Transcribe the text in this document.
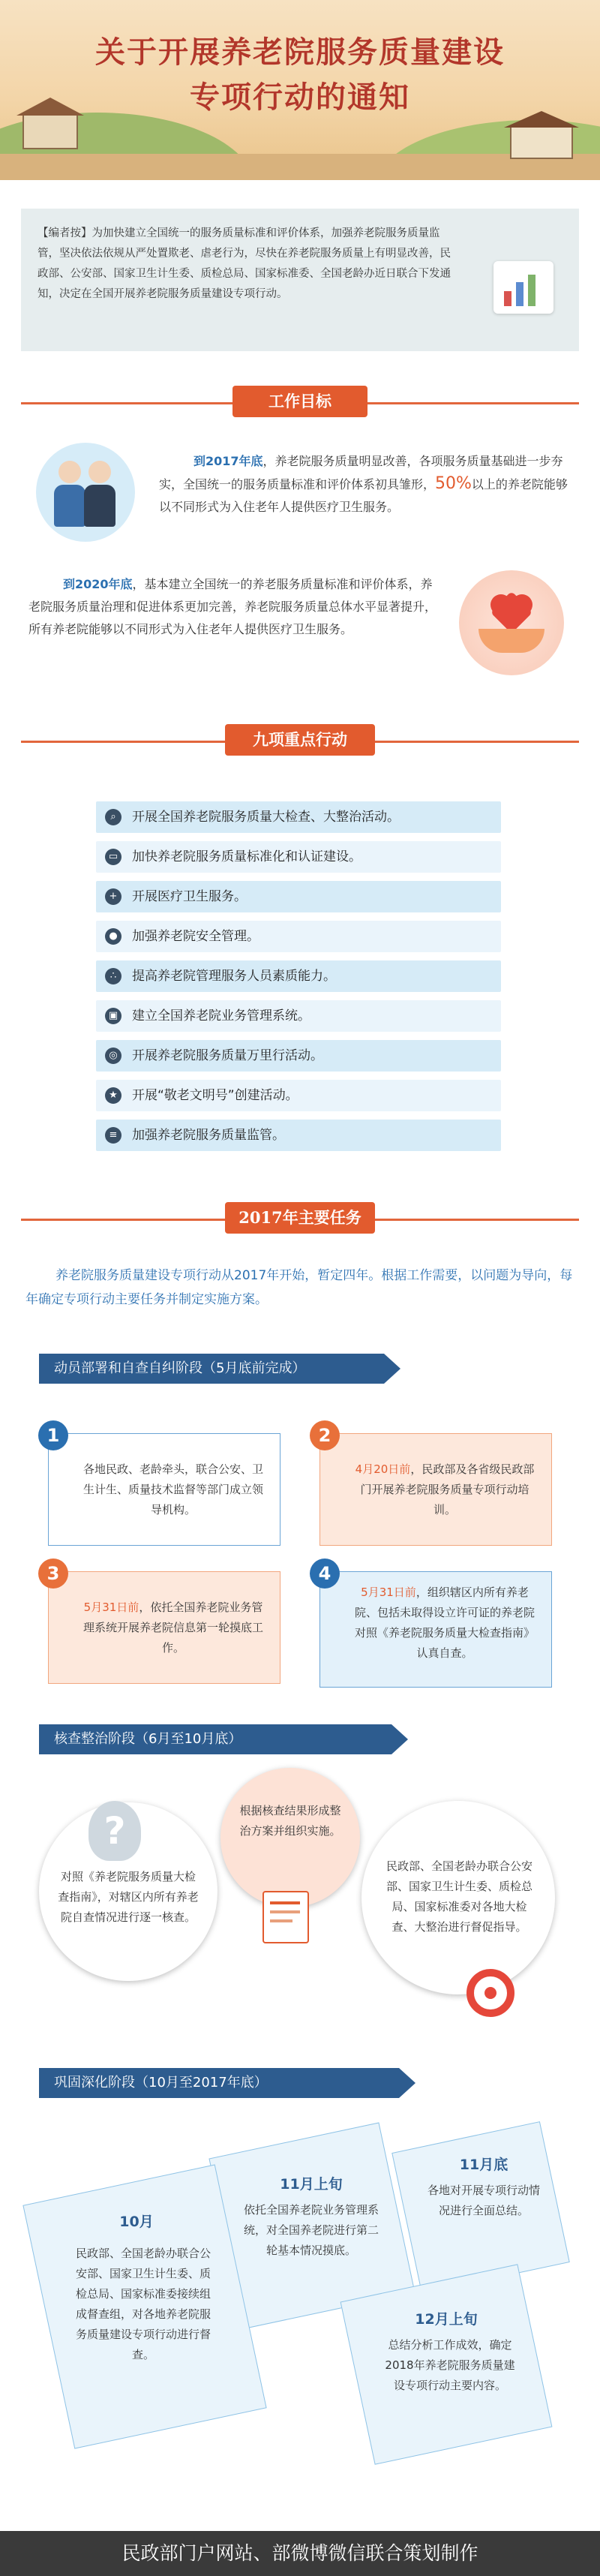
关于开展养老院服务质量建设
专项行动的通知
【编者按】为加快建立全国统一的服务质量标准和评价体系，加强养老院服务质量监管，坚决依法依规从严处置欺老、虐老行为，尽快在养老院服务质量上有明显改善，民政部、公安部、国家卫生计生委、质检总局、国家标准委、全国老龄办近日联合下发通知，决定在全国开展养老院服务质量建设专项行动。
工作目标
到2017年底，养老院服务质量明显改善，各项服务质量基础进一步夯实，全国统一的服务质量标准和评价体系初具雏形，50%以上的养老院能够以不同形式为入住老年人提供医疗卫生服务。
到2020年底，基本建立全国统一的养老服务质量标准和评价体系，养老院服务质量治理和促进体系更加完善，养老院服务质量总体水平显著提升，所有养老院能够以不同形式为入住老年人提供医疗卫生服务。
九项重点行动
⌕	开展全国养老院服务质量大检查、大整治活动。
▭ 加快养老院服务质量标准化和认证建设。
+	开展医疗卫生服务。
●	加强养老院安全管理。
∴	提高养老院管理服务人员素质能力。
▣ 建立全国养老院业务管理系统。
◎	开展养老院服务质量万里行活动。
★	开展“敬老文明号”创建活动。
≡	加强养老院服务质量监管。
2017年主要任务
养老院服务质量建设专项行动从2017年开始，暂定四年。根据工作需要，以问题为导向，每年确定专项行动主要任务并制定实施方案。
动员部署和自查自纠阶段（5月底前完成）
1
各地民政、老龄牵头，联合公安、卫生计生、质量技术监督等部门成立领导机构。
2
4月20日前，民政部及各省级民政部门开展养老院服务质量专项行动培训。
3
5月31日前，依托全国养老院业务管理系统开展养老院信息第一轮摸底工作。
4
5月31日前，组织辖区内所有养老院、包括未取得设立许可证的养老院对照《养老院服务质量大检查指南》认真自查。
核查整治阶段（6月至10月底）
?
对照《养老院服务质量大检查指南》，对辖区内所有养老院自查情况进行逐一核查。
根据核查结果形成整治方案并组织实施。
民政部、全国老龄办联合公安部、国家卫生计生委、质检总局、国家标准委对各地大检查、大整治进行督促指导。
巩固深化阶段（10月至2017年底）
11月上旬
依托全国养老院业务管理系统，对全国养老院进行第二轮基本情况摸底。
11月底
各地对开展专项行动情况进行全面总结。
10月
民政部、全国老龄办联合公安部、国家卫生计生委、质检总局、国家标准委接续组成督查组，对各地养老院服务质量建设专项行动进行督查。
12月上旬
总结分析工作成效，确定2018年养老院服务质量建设专项行动主要内容。
民政部门户网站、部微博微信联合策划制作
